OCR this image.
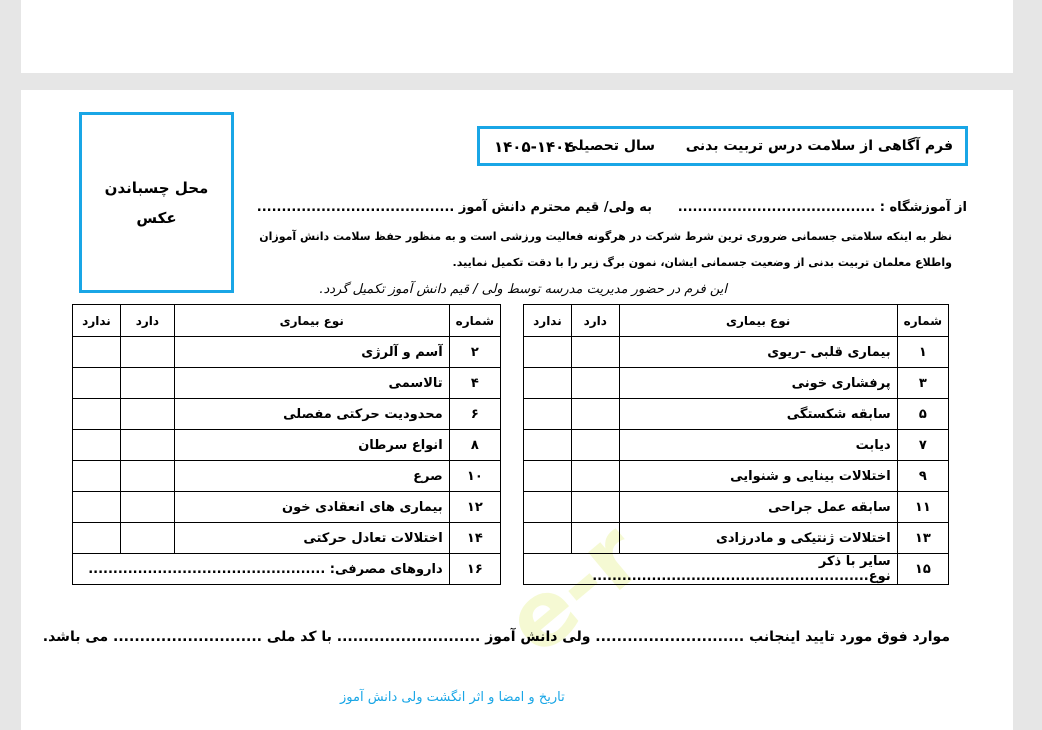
e-r
محل چسباندن
عکس
فرم آگاهی از سلامت درس تربیت بدنی
سال تحصیلی
۱۴۰۵-۱۴۰۴
از آموزشگاه : ........................................
به ولی/ قیم محترم دانش آموز ........................................
نظر به اینکه سلامتی جسمانی ضروری ترین شرط شرکت در هرگونه فعالیت ورزشی است و به منظور حفظ سلامت دانش آموزان
واطلاع معلمان تربیت بدنی از وضعیت جسمانی ایشان، نمون برگ زیر را با دقت تکمیل نمایید.
این فرم در حضور مدیریت مدرسه توسط ولی / قیم دانش آموز تکمیل گردد.
شماره	نوع بیماری	دارد	ندارد
۱	بیماری قلبی –ریوی		
۳	پرفشاری خونی		
۵	سابقه شکستگی		
۷	دیابت		
۹	اختلالات بینایی و شنوایی		
۱۱	سابقه عمل جراحی		
۱۳	اختلالات ژنتیکی و مادرزادی		
۱۵	سایر با ذکر نوع........................................................		
شماره	نوع بیماری	دارد	ندارد
۲	آسم و آلرژی		
۴	تالاسمی		
۶	محدودیت حرکتی مفصلی		
۸	انواع سرطان		
۱۰	صرع		
۱۲	بیماری های انعقادی خون		
۱۴	اختلالات تعادل حرکتی		
۱۶	داروهای مصرفی: ................................................		
موارد فوق مورد تایید اینجانب ............................ ولی دانش آموز ........................... با کد ملی ............................ می باشد.
تاریخ و امضا و اثر انگشت ولی دانش آموز
